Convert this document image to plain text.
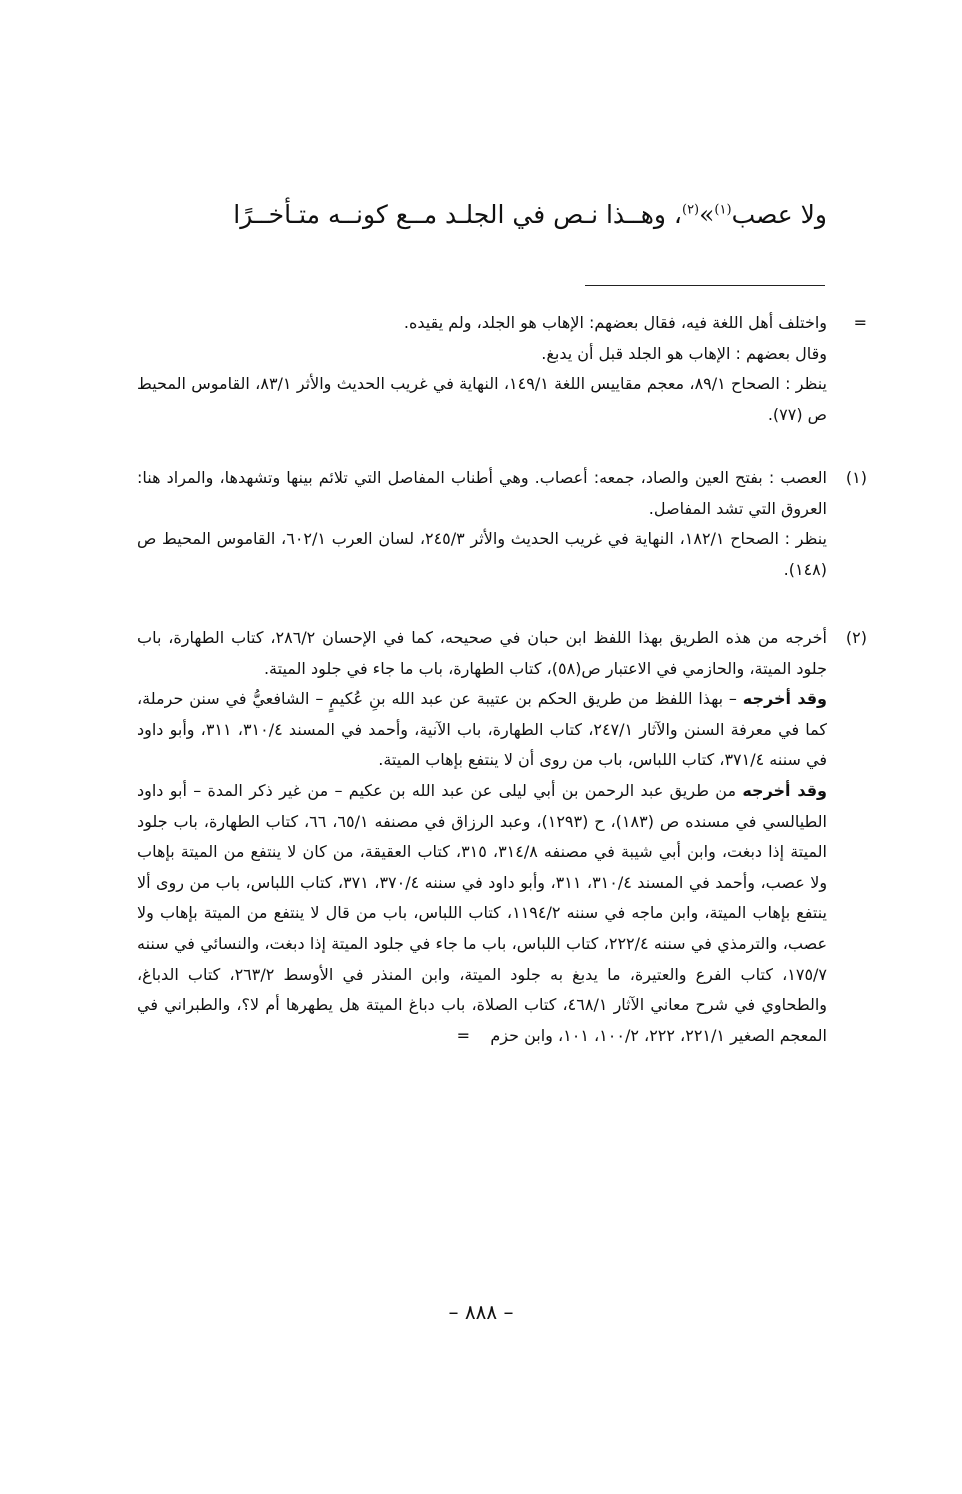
ولا عصب$^{(١)}$»$^{(٢)}$، وهــذا نـص في الجلـد مــع كونــه متـأخــرًا
=

واختلف أهل اللغة فيه، فقال بعضهم: الإهاب هو الجلد، ولم يقيده.

وقال بعضهم : الإهاب هو الجلد قبل أن يدبغ.

ينظر : الصحاح ٨٩/١، معجم مقاييس اللغة ١٤٩/١، النهاية في غريب الحديث والأثر ٨٣/١، القاموس المحيط ص (٧٧).

(١)

العصب : بفتح العين والصاد، جمعه: أعصاب. وهي أطناب المفاصل التي تلائم بينها وتشهدها، والمراد هنا: العروق التي تشد المفاصل.

ينظر : الصحاح ١٨٢/١، النهاية في غريب الحديث والأثر ٢٤٥/٣، لسان العرب ٦٠٢/١، القاموس المحيط ص (١٤٨).

(٢)

أخرجه من هذه الطريق بهذا اللفظ ابن حبان في صحيحه، كما في الإحسان ٢٨٦/٢، كتاب الطهارة، باب جلود الميتة، والحازمي في الاعتبار ص(٥٨)، كتاب الطهارة، باب ما جاء في جلود الميتة.

وقد أخرجه – بهذا اللفظ من طريق الحكم بن عتيبة عن عبد الله بنِ عُكيمٍ – الشافعيُّ في سنن حرملة، كما في معرفة السنن والآثار ٢٤٧/١، كتاب الطهارة، باب الآنية، وأحمد في المسند ٣١٠/٤، ٣١١، وأبو داود في سننه ٣٧١/٤، كتاب اللباس، باب من روى أن لا ينتفع بإهاب الميتة.

وقد أخرجه من طريق عبد الرحمن بن أبي ليلى عن عبد الله بن عكيم – من غير ذكر المدة – أبو داود الطيالسي في مسنده ص (١٨٣)، ح (١٢٩٣)، وعبد الرزاق في مصنفه ٦٥/١، ٦٦، كتاب الطهارة، باب جلود الميتة إذا دبغت، وابن أبي شيبة في مصنفه ٣١٤/٨، ٣١٥، كتاب العقيقة، من كان لا ينتفع من الميتة بإهاب ولا عصب، وأحمد في المسند ٣١٠/٤، ٣١١، وأبو داود في سننه ٣٧٠/٤، ٣٧١، كتاب اللباس، باب من روى ألا ينتفع بإهاب الميتة، وابن ماجه في سننه ١١٩٤/٢، كتاب اللباس، باب من قال لا ينتفع من الميتة بإهاب ولا عصب، والترمذي في سننه ٢٢٢/٤، كتاب اللباس، باب ما جاء في جلود الميتة إذا دبغت، والنسائي في سننه ١٧٥/٧، كتاب الفرع والعتيرة، ما يدبغ به جلود الميتة، وابن المنذر في الأوسط ٢٦٣/٢، كتاب الدباغ، والطحاوي في شرح معاني الآثار ٤٦٨/١، كتاب الصلاة، باب دباغ الميتة هل يطهرها أم لا؟، والطبراني في المعجم الصغير ٢٢١/١، ٢٢٢، ١٠٠/٢، ١٠١، وابن حزم    =

– ٨٨٨ –
